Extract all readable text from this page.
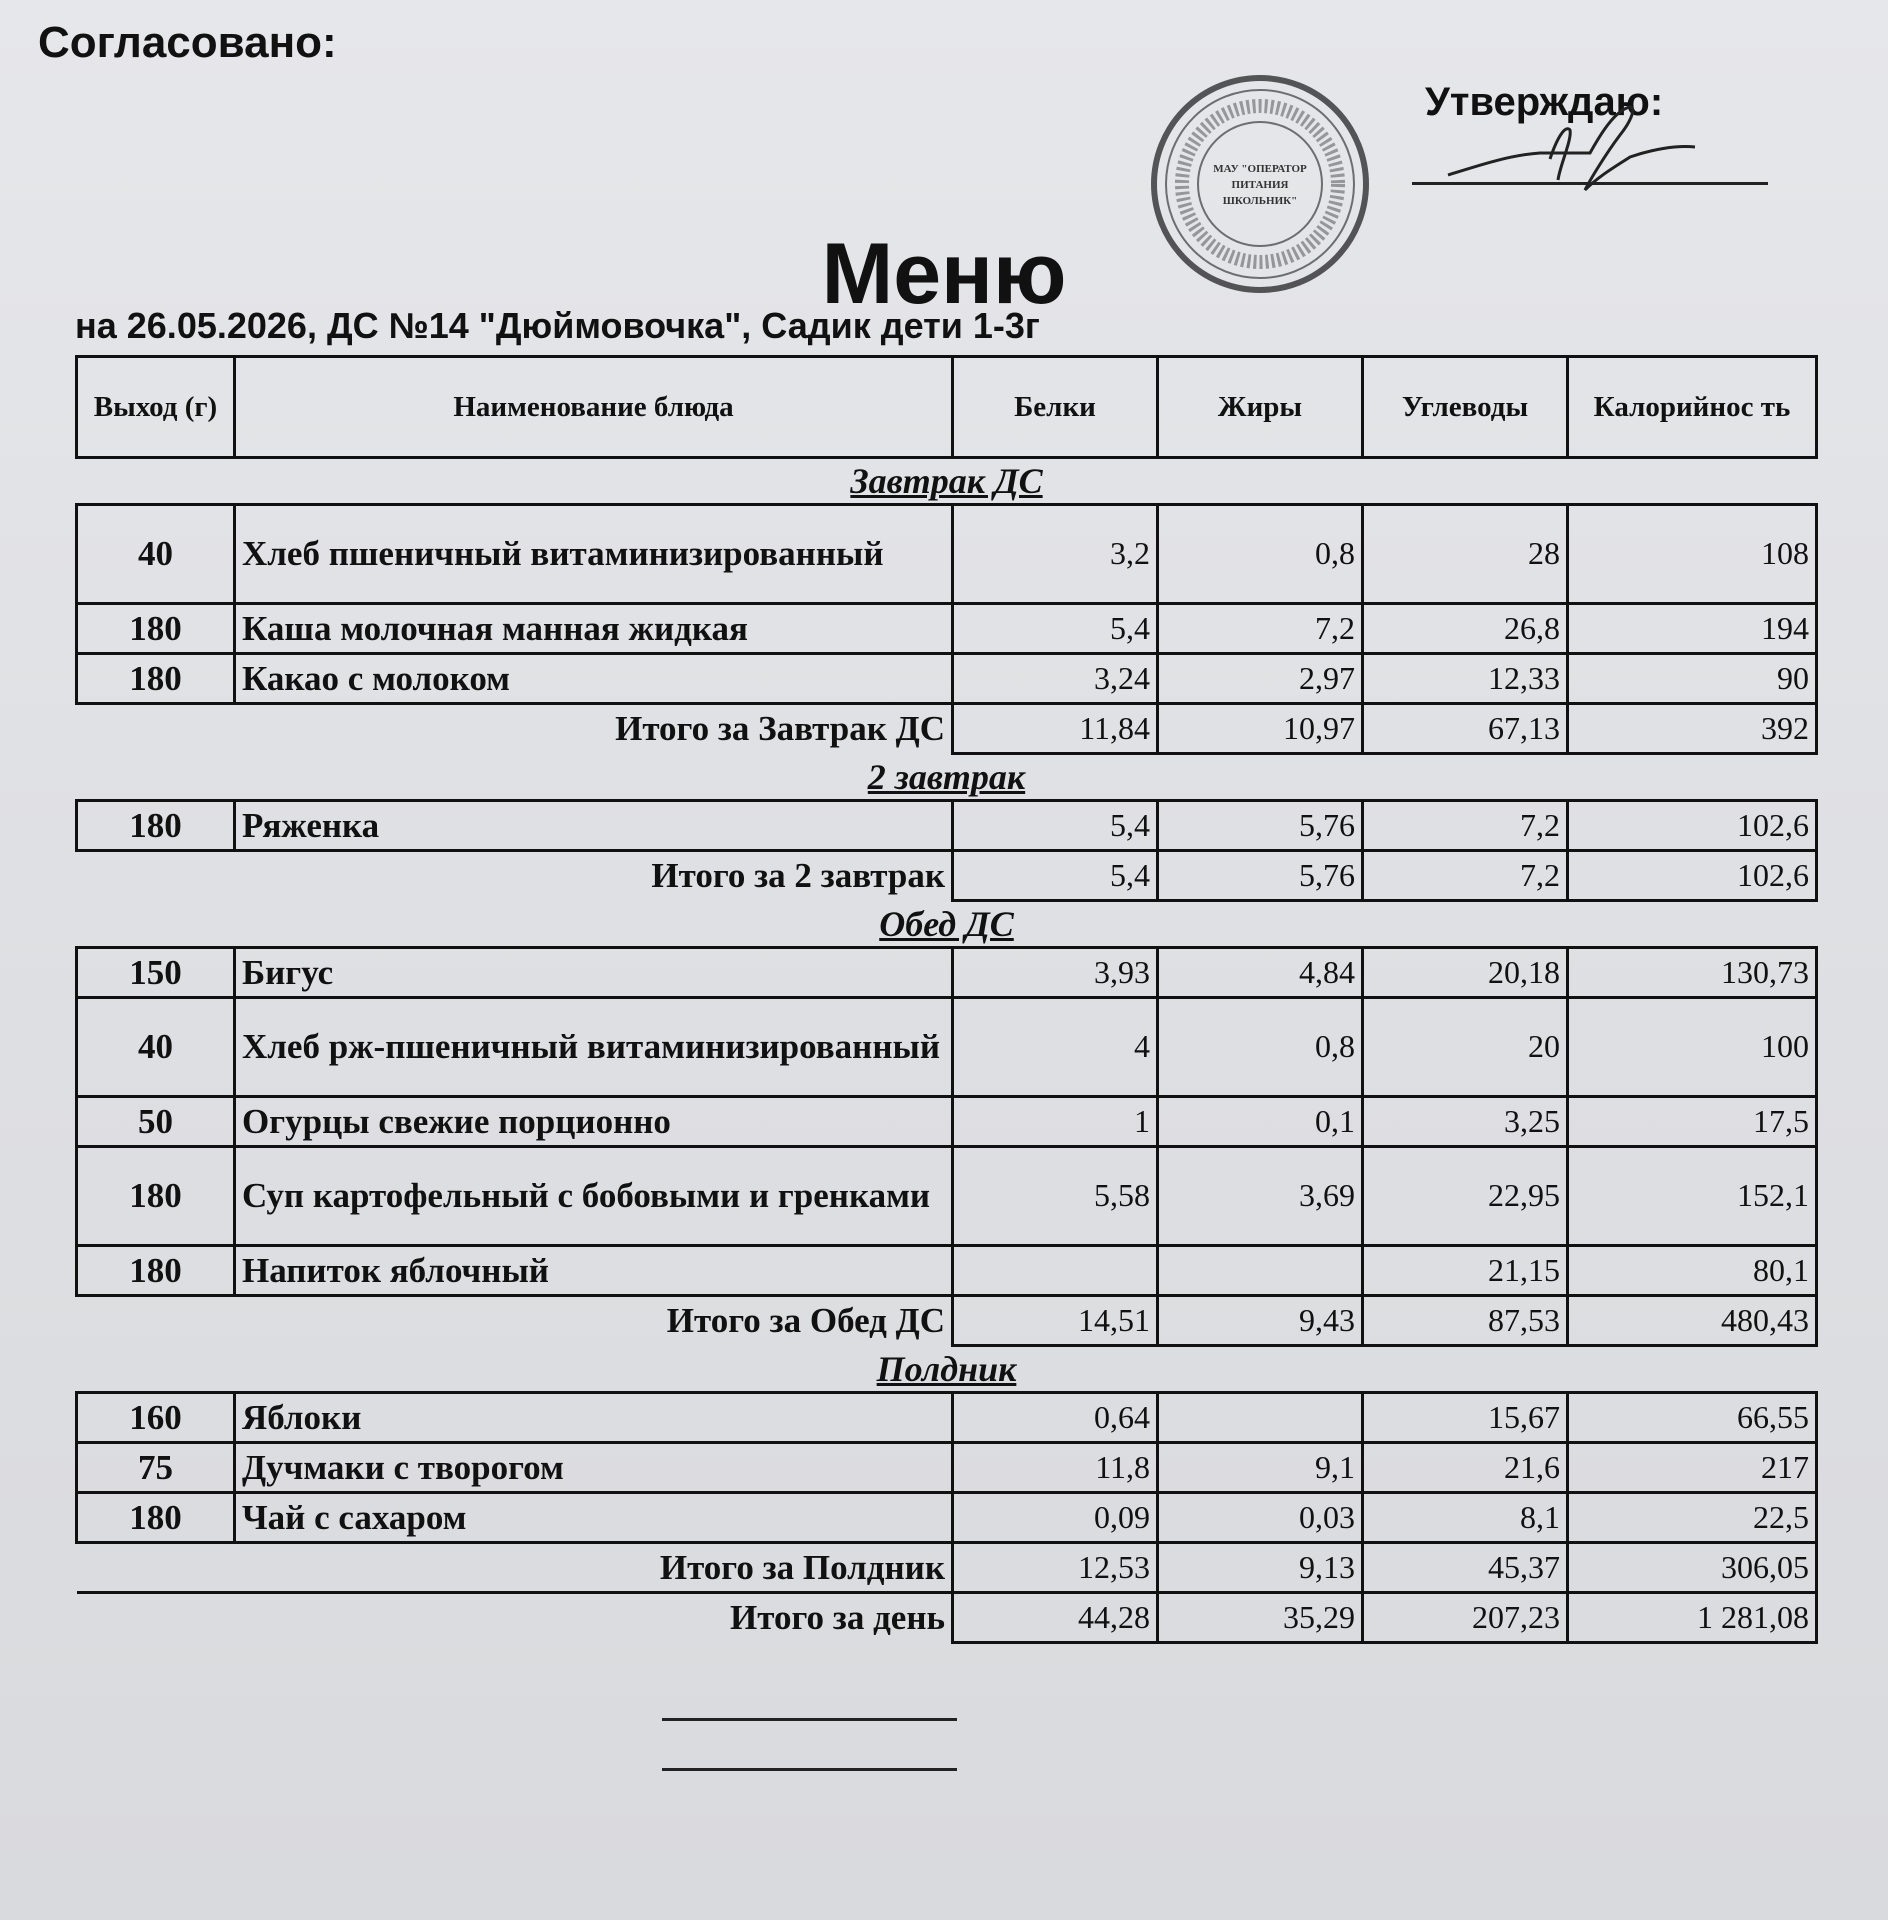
Согласовано:
МАУ "ОПЕРАТОР
ПИТАНИЯ
ШКОЛЬНИК"
Утверждаю:
Меню
на 26.05.2026, ДС №14 "Дюймовочка", Садик дети 1-3г
Выход (г)	Наименование блюда	Белки	Жиры	Углеводы	Калорийнос ть
Завтрак ДС					
40	Хлеб пшеничный витаминизированный	3,2	0,8	28	108
180	Каша молочная манная жидкая	5,4	7,2	26,8	194
180	Какао с молоком	3,24	2,97	12,33	90
Итого за Завтрак ДС		11,84	10,97	67,13	392
2 завтрак					
180	Ряженка	5,4	5,76	7,2	102,6
Итого за 2 завтрак		5,4	5,76	7,2	102,6
Обед ДС					
150	Бигус	3,93	4,84	20,18	130,73
40	Хлеб рж-пшеничный витаминизированный	4	0,8	20	100
50	Огурцы свежие порционно	1	0,1	3,25	17,5
180	Суп картофельный с бобовыми и гренками	5,58	3,69	22,95	152,1
180	Напиток яблочный			21,15	80,1
Итого за Обед ДС		14,51	9,43	87,53	480,43
Полдник					
160	Яблоки	0,64		15,67	66,55
75	Дучмаки с творогом	11,8	9,1	21,6	217
180	Чай с сахаром	0,09	0,03	8,1	22,5
Итого за Полдник		12,53	9,13	45,37	306,05
Итого за день		44,28	35,29	207,23	1 281,08
